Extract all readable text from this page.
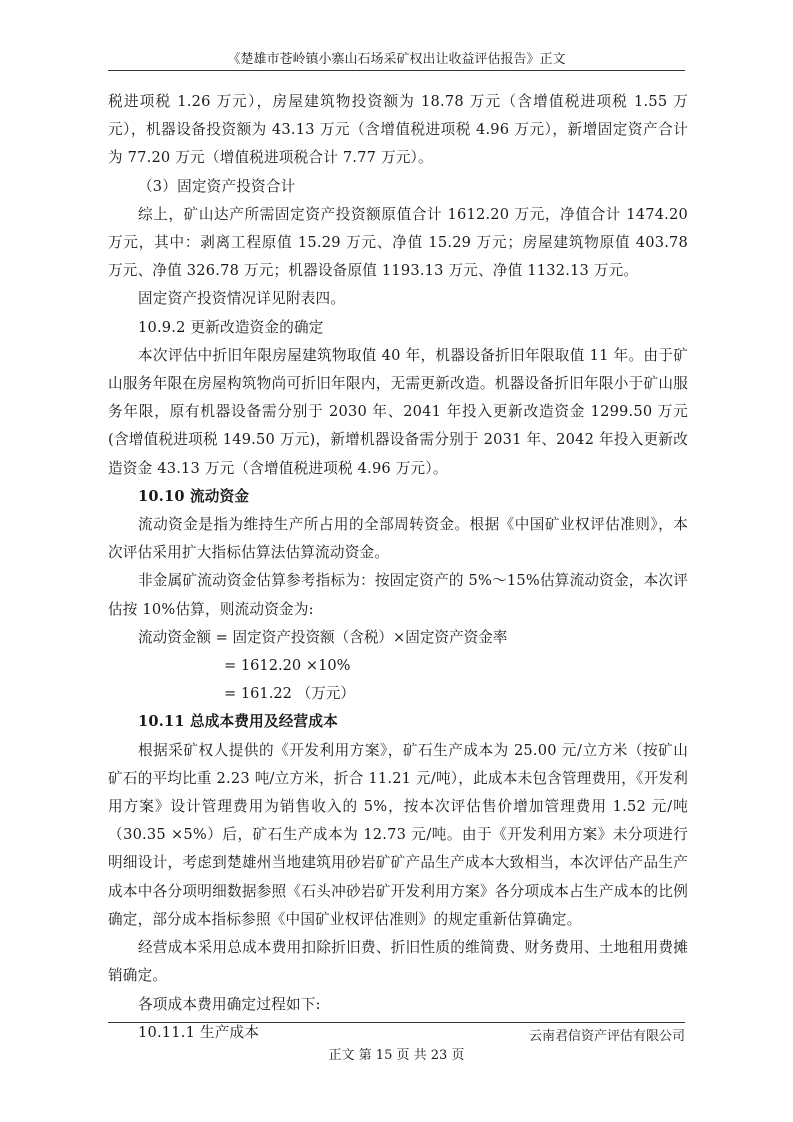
《楚雄市苍岭镇小寨山石场采矿权出让收益评估报告》正文

税进项税 1.26 万元），房屋建筑物投资额为 18.78 万元（含增值税进项税 1.55 万元），机器设备投资额为 43.13 万元（含增值税进项税 4.96 万元），新增固定资产合计为 77.20 万元（增值税进项税合计 7.77 万元）。

（3）固定资产投资合计

综上，矿山达产所需固定资产投资额原值合计 1612.20 万元，净值合计 1474.20 万元，其中：剥离工程原值 15.29 万元、净值 15.29 万元；房屋建筑物原值 403.78 万元、净值 326.78 万元；机器设备原值 1193.13 万元、净值 1132.13 万元。

固定资产投资情况详见附表四。

10.9.2 更新改造资金的确定

本次评估中折旧年限房屋建筑物取值 40 年，机器设备折旧年限取值 11 年。由于矿山服务年限在房屋构筑物尚可折旧年限内，无需更新改造。机器设备折旧年限小于矿山服务年限，原有机器设备需分别于 2030 年、2041 年投入更新改造资金 1299.50 万元(含增值税进项税 149.50 万元)，新增机器设备需分别于 2031 年、2042 年投入更新改造资金 43.13 万元（含增值税进项税 4.96 万元）。

10.10 流动资金

流动资金是指为维持生产所占用的全部周转资金。根据《中国矿业权评估准则》，本次评估采用扩大指标估算法估算流动资金。

非金属矿流动资金估算参考指标为：按固定资产的 5%～15%估算流动资金，本次评估按 10%估算，则流动资金为:

流动资金额 = 固定资产投资额（含税）×固定资产资金率

= 1612.20 ×10%

= 161.22 （万元）

10.11 总成本费用及经营成本

根据采矿权人提供的《开发利用方案》，矿石生产成本为 25.00 元/立方米（按矿山矿石的平均比重 2.23 吨/立方米，折合 11.21 元/吨），此成本未包含管理费用，《开发利用方案》设计管理费用为销售收入的 5%，按本次评估售价增加管理费用 1.52 元/吨（30.35 ×5%）后，矿石生产成本为 12.73 元/吨。由于《开发利用方案》未分项进行明细设计，考虑到楚雄州当地建筑用砂岩矿矿产品生产成本大致相当，本次评估产品生产成本中各分项明细数据参照《石头冲砂岩矿开发利用方案》各分项成本占生产成本的比例确定，部分成本指标参照《中国矿业权评估准则》的规定重新估算确定。

经营成本采用总成本费用扣除折旧费、折旧性质的维简费、财务费用、土地租用费摊销确定。

各项成本费用确定过程如下:

10.11.1 生产成本	云南君信资产评估有限公司
正文 第 15 页 共 23 页
